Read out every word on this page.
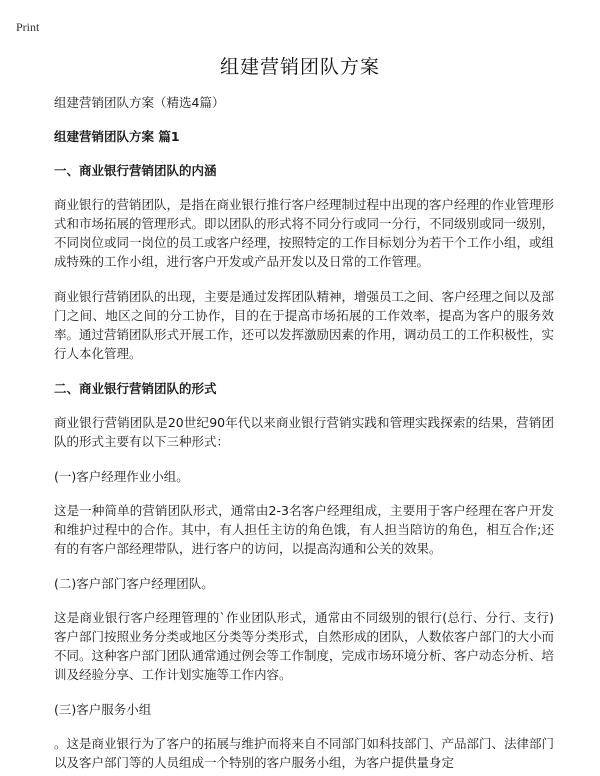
Print
组建营销团队方案
组建营销团队方案（精选4篇）
组建营销团队方案 篇1
一、商业银行营销团队的内涵
商业银行的营销团队，是指在商业银行推行客户经理制过程中出现的客户经理的作业管理形式和市场拓展的管理形式。即以团队的形式将不同分行或同一分行，不同级别或同一级别，不同岗位或同一岗位的员工或客户经理，按照特定的工作目标划分为若干个工作小组，或组成特殊的工作小组，进行客户开发或产品开发以及日常的工作管理。
商业银行营销团队的出现，主要是通过发挥团队精神，增强员工之间、客户经理之间以及部门之间、地区之间的分工协作，目的在于提高市场拓展的工作效率，提高为客户的服务效率。通过营销团队形式开展工作，还可以发挥激励因素的作用，调动员工的工作积极性，实行人本化管理。
二、商业银行营销团队的形式
商业银行营销团队是20世纪90年代以来商业银行营销实践和管理实践探索的结果，营销团队的形式主要有以下三种形式：
(一)客户经理作业小组。
这是一种简单的营销团队形式，通常由2-3名客户经理组成，主要用于客户经理在客户开发和维护过程中的合作。其中，有人担任主访的角色饿，有人担当陪访的角色，相互合作;还有的有客户部经理带队，进行客户的访问，以提高沟通和公关的效果。
(二)客户部门客户经理团队。
这是商业银行客户经理管理的`作业团队形式，通常由不同级别的银行(总行、分行、支行)客户部门按照业务分类或地区分类等分类形式，自然形成的团队，人数依客户部门的大小而不同。这种客户部门团队通常通过例会等工作制度，完成市场环境分析、客户动态分析、培训及经验分享、工作计划实施等工作内容。
(三)客户服务小组
。这是商业银行为了客户的拓展与维护而将来自不同部门如科技部门、产品部门、法律部门以及客户部门等的人员组成一个特别的客户服务小组，为客户提供量身定
